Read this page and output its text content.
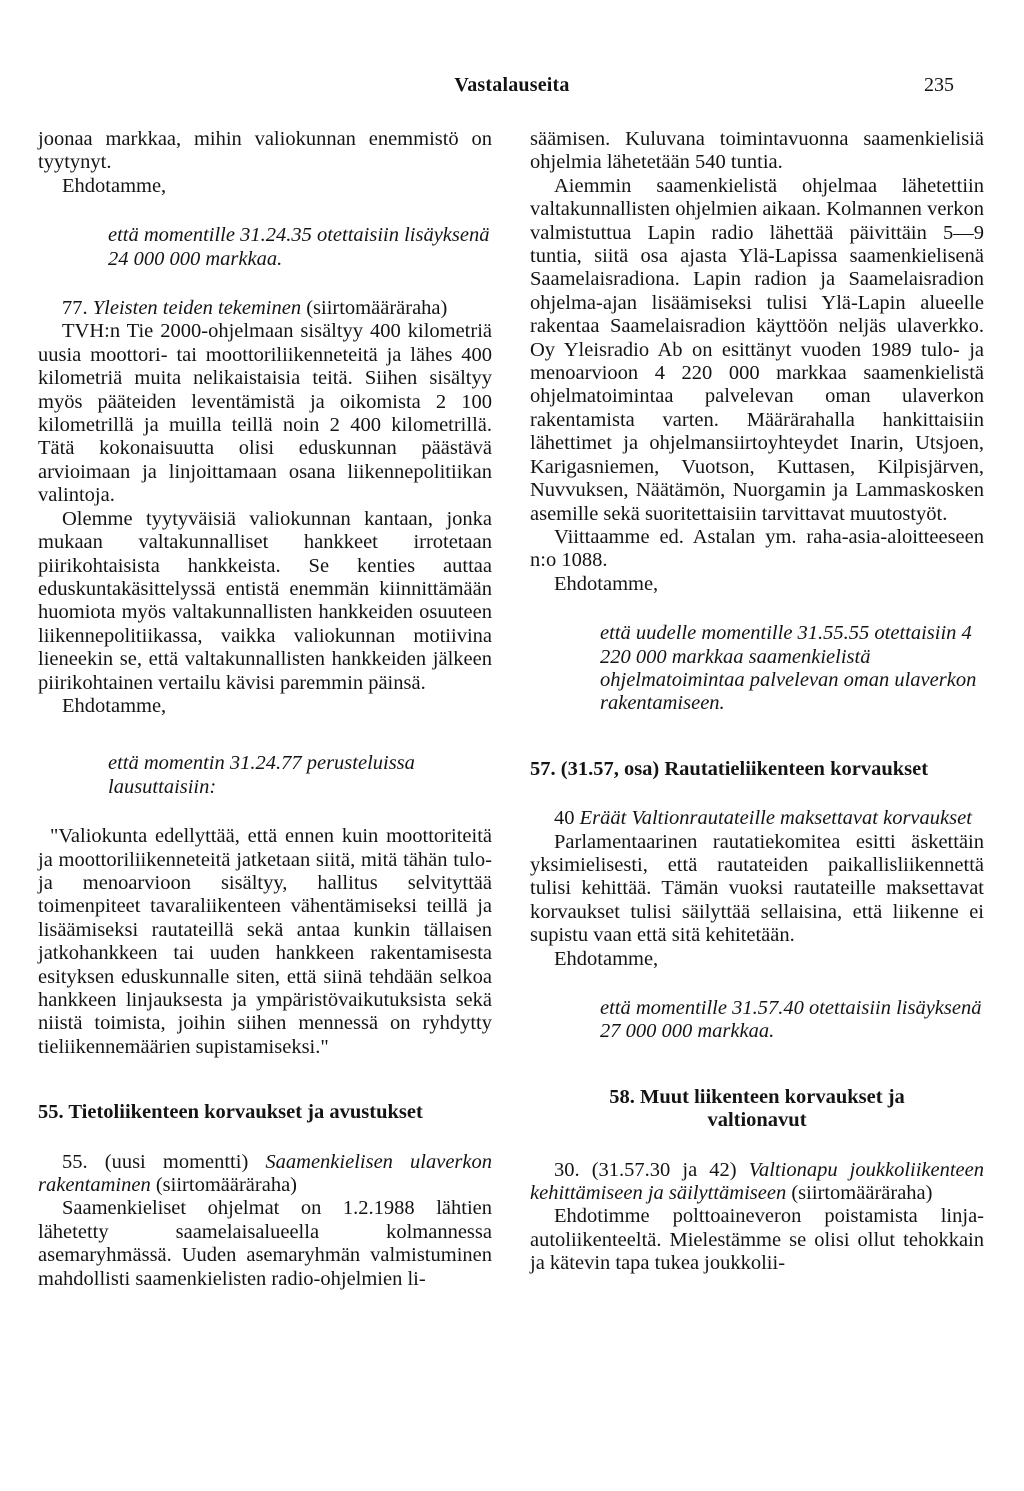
Vastalauseita	235

joonaa markkaa, mihin valiokunnan enemmistö on tyytynyt.

Ehdotamme,

että momentille 31.24.35 otettaisiin lisäyksenä 24 000 000 markkaa.

77. Yleisten teiden tekeminen (siirtomääräraha)

TVH:n Tie 2000-ohjelmaan sisältyy 400 kilometriä uusia moottori- tai moottoriliikenneteitä ja lähes 400 kilometriä muita nelikaistaisia teitä. Siihen sisältyy myös pääteiden leventämistä ja oikomista 2 100 kilometrillä ja muilla teillä noin 2 400 kilometrillä. Tätä kokonaisuutta olisi eduskunnan päästävä arvioimaan ja linjoittamaan osana liikennepolitiikan valintoja.

Olemme tyytyväisiä valiokunnan kantaan, jonka mukaan valtakunnalliset hankkeet irrotetaan piirikohtaisista hankkeista. Se kenties auttaa eduskuntakäsittelyssä entistä enemmän kiinnittämään huomiota myös valtakunnallisten hankkeiden osuuteen liikennepolitiikassa, vaikka valiokunnan motiivina lieneekin se, että valtakunnallisten hankkeiden jälkeen piirikohtainen vertailu kävisi paremmin päinsä.

Ehdotamme,

että momentin 31.24.77 perusteluissa lausuttaisiin:

"Valiokunta edellyttää, että ennen kuin moottoriteitä ja moottoriliikenneteitä jatketaan siitä, mitä tähän tulo- ja menoarvioon sisältyy, hallitus selvityttää toimenpiteet tavaraliikenteen vähentämiseksi teillä ja lisäämiseksi rautateillä sekä antaa kunkin tällaisen jatkohankkeen tai uuden hankkeen rakentamisesta esityksen eduskunnalle siten, että siinä tehdään selkoa hankkeen linjauksesta ja ympäristövaikutuksista sekä niistä toimista, joihin siihen mennessä on ryhdytty tieliikennemäärien supistamiseksi."

55. Tietoliikenteen korvaukset ja avustukset

55. (uusi momentti) Saamenkielisen ulaverkon rakentaminen (siirtomääräraha)

Saamenkieliset ohjelmat on 1.2.1988 lähtien lähetetty saamelaisalueella kolmannessa asemaryhmässä. Uuden asemaryhmän valmistuminen mahdollisti saamenkielisten radio-ohjelmien li-

säämisen. Kuluvana toimintavuonna saamenkielisiä ohjelmia lähetetään 540 tuntia.

Aiemmin saamenkielistä ohjelmaa lähetettiin valtakunnallisten ohjelmien aikaan. Kolmannen verkon valmistuttua Lapin radio lähettää päivittäin 5—9 tuntia, siitä osa ajasta Ylä-Lapissa saamenkielisenä Saamelaisradiona. Lapin radion ja Saamelaisradion ohjelma-ajan lisäämiseksi tulisi Ylä-Lapin alueelle rakentaa Saamelaisradion käyttöön neljäs ulaverkko. Oy Yleisradio Ab on esittänyt vuoden 1989 tulo- ja menoarvioon 4 220 000 markkaa saamenkielistä ohjelmatoimintaa palvelevan oman ulaverkon rakentamista varten. Määrärahalla hankittaisiin lähettimet ja ohjelmansiirtoyhteydet Inarin, Utsjoen, Karigasniemen, Vuotson, Kuttasen, Kilpisjärven, Nuvvuksen, Näätämön, Nuorgamin ja Lammaskosken asemille sekä suoritettaisiin tarvittavat muutostyöt.

Viittaamme ed. Astalan ym. raha-asia-aloitteeseen n:o 1088.

Ehdotamme,

että uudelle momentille 31.55.55 otettaisiin 4 220 000 markkaa saamenkielistä ohjelmatoimintaa palvelevan oman ulaverkon rakentamiseen.

57. (31.57, osa) Rautatieliikenteen korvaukset

40 Eräät Valtionrautateille maksettavat korvaukset

Parlamentaarinen rautatiekomitea esitti äskettäin yksimielisesti, että rautateiden paikallisliikennettä tulisi kehittää. Tämän vuoksi rautateille maksettavat korvaukset tulisi säilyttää sellaisina, että liikenne ei supistu vaan että sitä kehitetään.

Ehdotamme,

että momentille 31.57.40 otettaisiin lisäyksenä 27 000 000 markkaa.

58. Muut liikenteen korvaukset ja
valtionavut

30. (31.57.30 ja 42) Valtionapu joukkoliikenteen kehittämiseen ja säilyttämiseen (siirtomääräraha)

Ehdotimme polttoaineveron poistamista linja-autoliikenteeltä. Mielestämme se olisi ollut tehokkain ja kätevin tapa tukea joukkolii-
